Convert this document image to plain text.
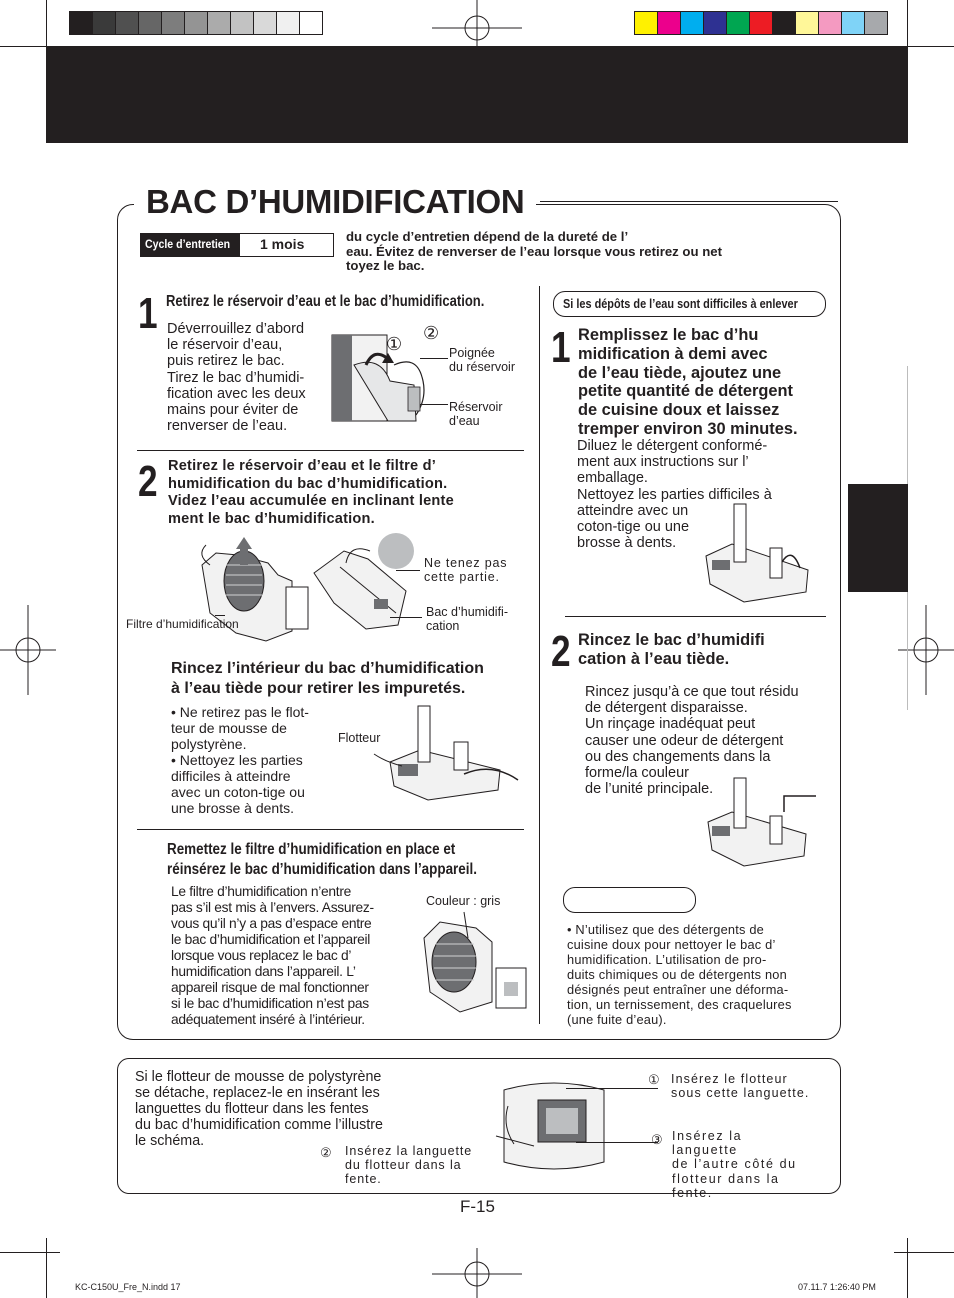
BAC D’HUMIDIFICATION
Cycle d’entretien 1 mois	du cycle d’entretien dépend de la dureté de l’
eau. Évitez de renverser de l’eau lorsque vous retirez ou net
toyez le bac.
1 Retirez le réservoir d’eau et le bac d’humidification.
Déverrouillez d’abord
le réservoir d’eau,
puis retirez le bac.
Tirez le bac d’humidi-
fication avec les deux
mains pour éviter de
renverser de l’eau.
①
②
Poignée
du réservoir
Réservoir
d’eau
2 Retirez le réservoir d’eau et le filtre d’
humidification du bac d’humidification.
Videz l’eau accumulée en inclinant lente
ment le bac d’humidification.
Filtre d’humidification
Ne tenez pas
cette partie.
Bac d’humidifi-
cation
Rincez l’intérieur du bac d’humidification
à l’eau tiède pour retirer les impuretés.
• Ne retirez pas le flot-
teur de mousse de
polystyrène.
• Nettoyez les parties
difficiles à atteindre
avec un coton-tige ou
une brosse à dents.
Flotteur
Remettez le filtre d’humidification en place et
réinsérez le bac d’humidification dans l’appareil.
Le filtre d’humidification n’entre
pas s’il est mis à l’envers. Assurez-
vous qu’il n’y a pas d’espace entre
le bac d’humidification et l’appareil
lorsque vous replacez le bac d’
humidification dans l’appareil. L’
appareil risque de mal fonctionner
si le bac d’humidification n’est pas
adéquatement inséré à l’intérieur.
Couleur : gris
Si les dépôts de l’eau sont difficiles à enlever
1 Remplissez le bac d’hu
midification à demi avec
de l’eau tiède, ajoutez une
petite quantité de détergent
de cuisine doux et laissez
tremper environ 30 minutes.
Diluez le détergent conformé-
ment aux instructions sur l’
emballage.
Nettoyez les parties difficiles à
atteindre avec un
coton-tige ou une
brosse à dents.
2 Rincez le bac d’humidifi
cation à l’eau tiède.
Rincez jusqu’à ce que tout résidu
de détergent disparaisse.
Un rinçage inadéquat peut
causer une odeur de détergent
ou des changements dans la
forme/la couleur
de l’unité principale.
• N’utilisez que des détergents de
cuisine doux pour nettoyer le bac d’
humidification. L’utilisation de pro-
duits chimiques ou de détergents non
désignés peut entraîner une déforma-
tion, un ternissement, des craquelures
(une fuite d’eau).
Si le flotteur de mousse de polystyrène
se détache, replacez-le en insérant les
languettes du flotteur dans les fentes
du bac d’humidification comme l’illustre
le schéma.
① Insérez le flotteur
sous cette languette.
② Insérez la languette
du flotteur dans la
fente.
③ Insérez la languette
de l’autre côté du
flotteur dans la
fente.
F-15
KC-C150U_Fre_N.indd 17	07.11.7 1:26:40 PM
